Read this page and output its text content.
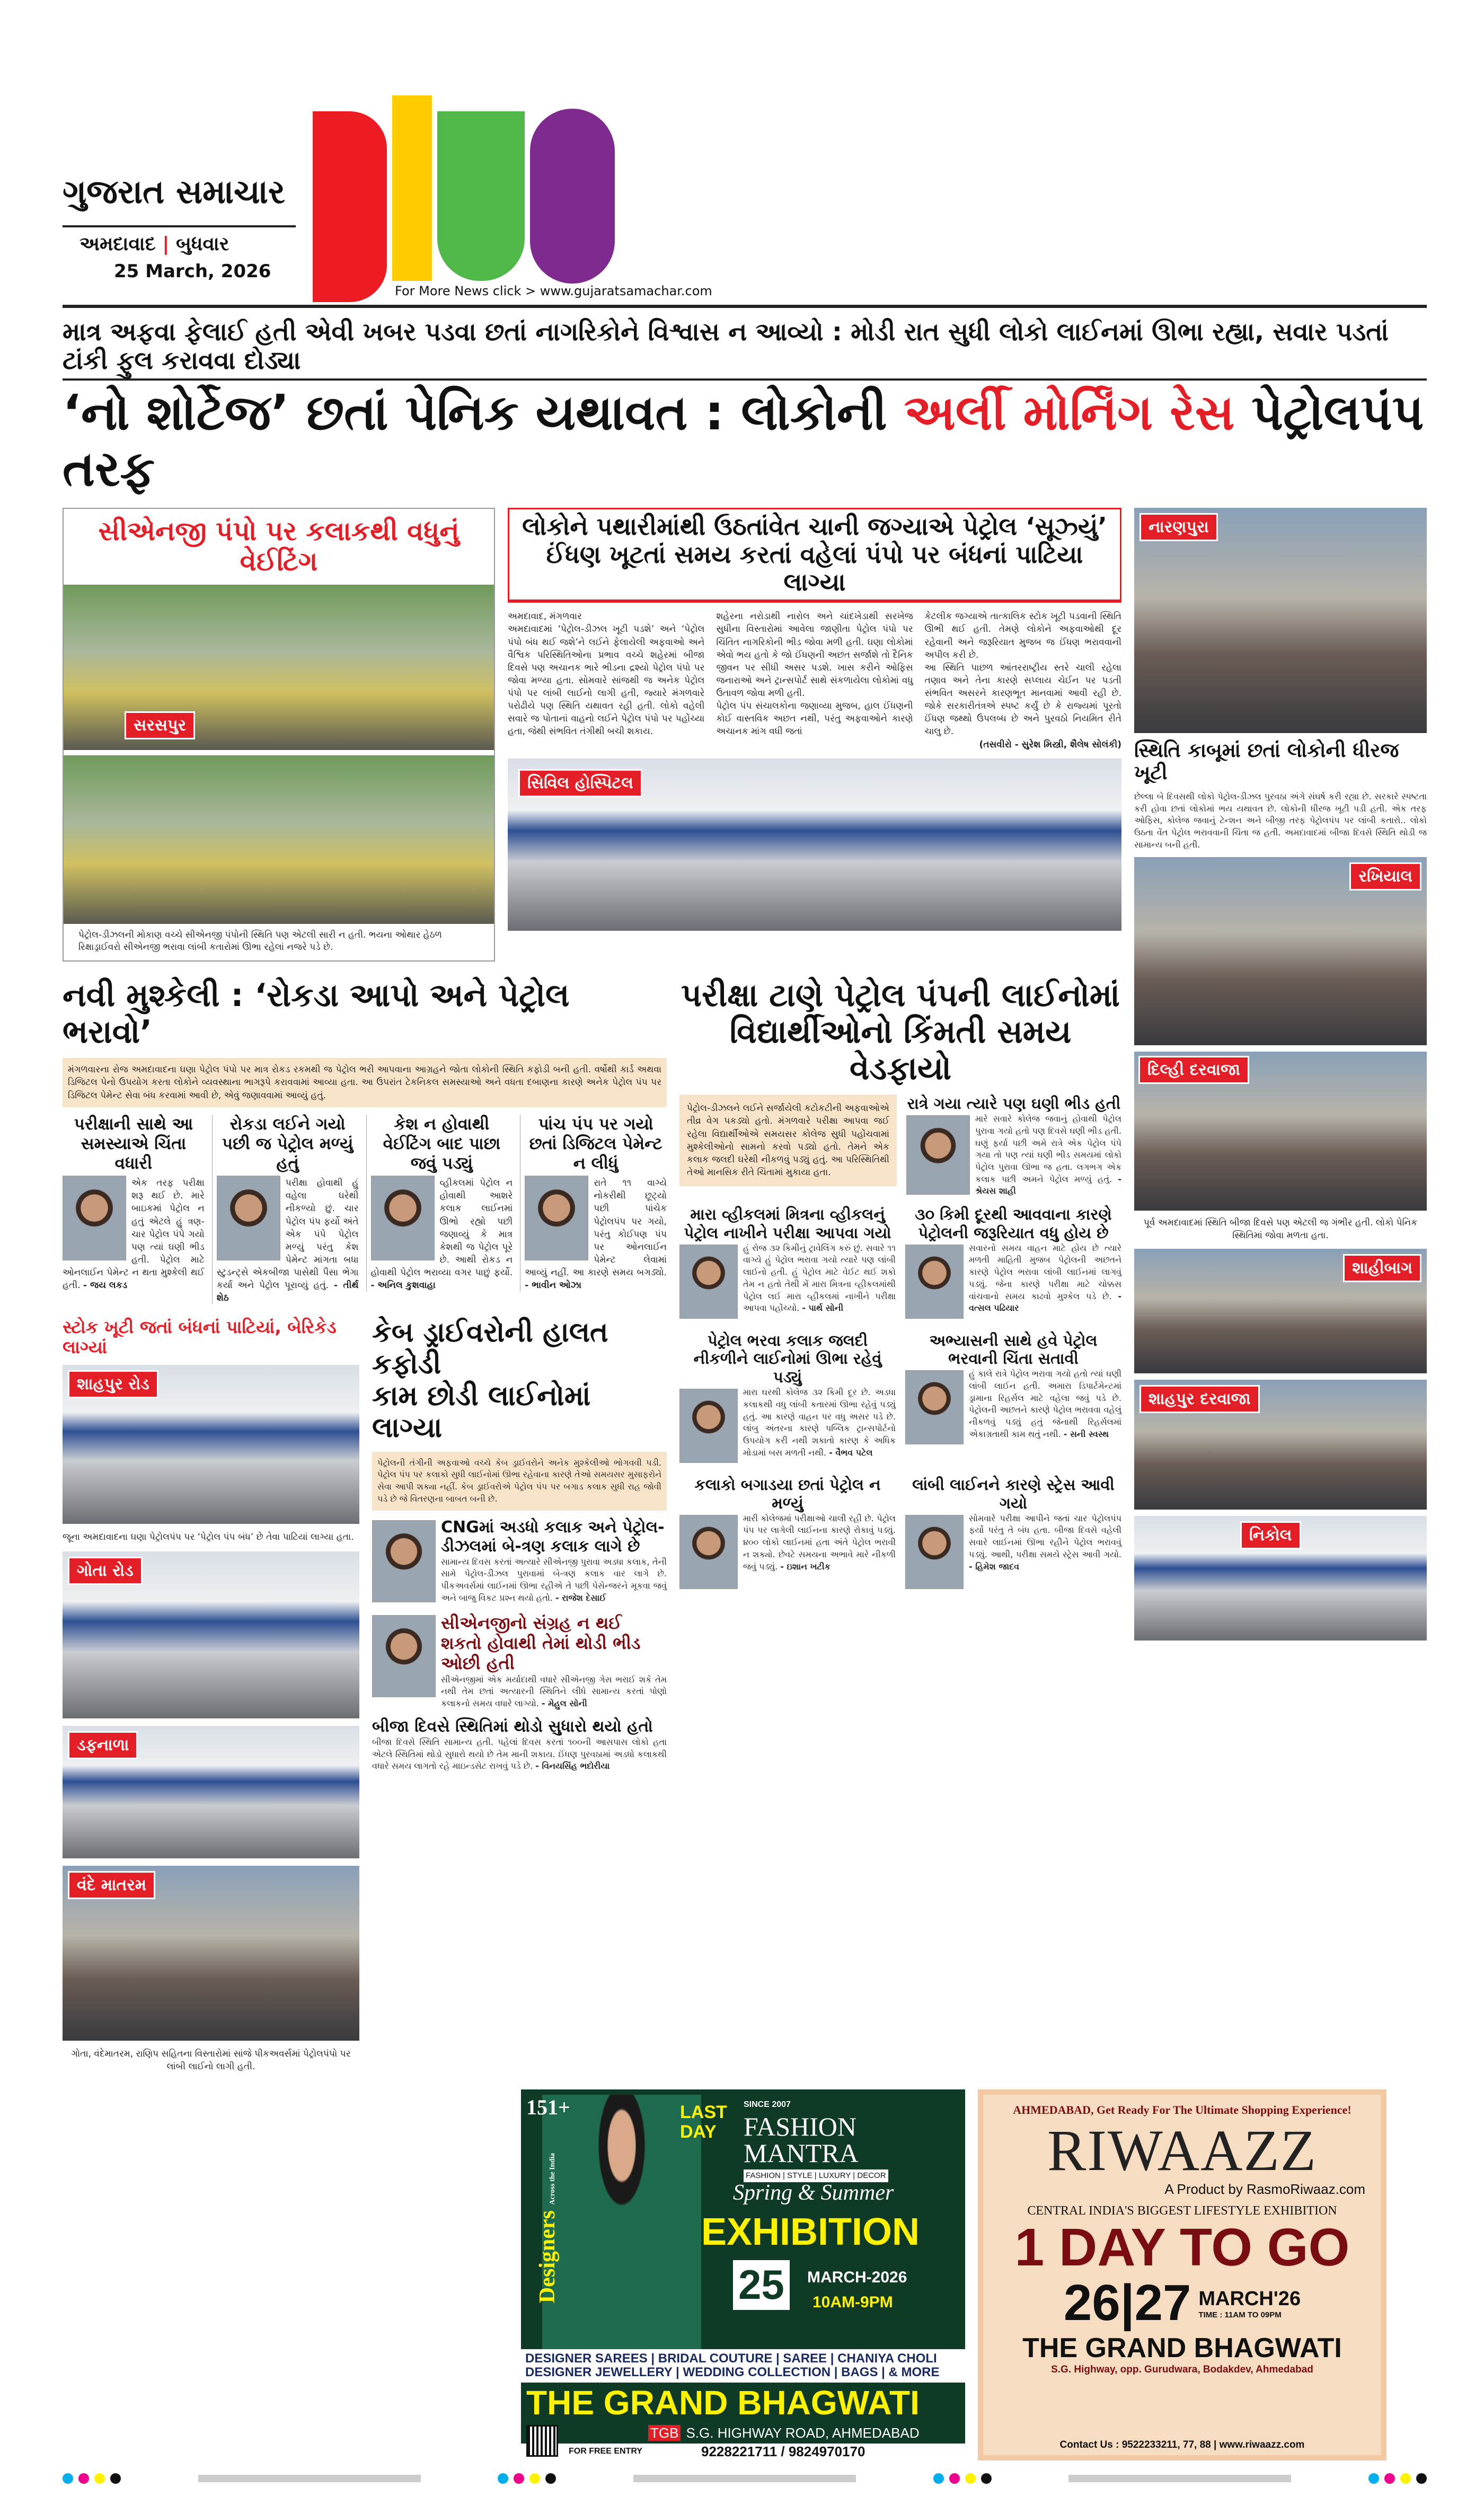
ગુજરાત સમાચાર
અમદાવાદ | બુધવાર
25 March, 2026
For More News click > www.gujaratsamachar.com
માત્ર અફવા ફેલાઈ હતી એવી ખબર પડવા છતાં નાગરિકોને વિશ્વાસ ન આવ્યો : મોડી રાત સુધી લોકો લાઈનમાં ઊભા રહ્યા, સવાર પડતાં ટાંકી ફુલ કરાવવા દોડ્યા
‘નો શોર્ટેજ’ છતાં પેનિક યથાવત : લોકોની અર્લી મોર્નિંગ રેસ પેટ્રોલપંપ તરફ
સીએનજી પંપો પર કલાકથી વધુનું વેઈટિંગ
સરસપુર
પેટ્રોલ-ડીઝલની મોકાણ વચ્ચે સીએનજી પંપોની સ્થિતિ પણ એટલી સારી ન હતી. ભયના ઓથાર હેઠળ રિક્ષાડ્રાઈવરો સીએનજી ભરાવા લાંબી કતારોમાં ઊભા રહેલાં નજરે પડે છે.
લોકોને પથારીમાંથી ઉઠતાંવેત ચાની જગ્યાએ પેટ્રોલ ‘સૂઝ્યું’
ઈંધણ ખૂટતાં સમય કરતાં વહેલાં પંપો પર બંધનાં પાટિયા લાગ્યા
અમદાવાદ, મંગળવાર
અમદાવાદમાં ‘પેટ્રોલ-ડીઝલ ખૂટી પડશે’ અને ‘પેટ્રોલ પંપો બંધ થઈ જશે’ને લઈને ફેલાયેલી અફવાઓ અને વૈશ્વિક પરિસ્થિતિઓના પ્રભાવ વચ્ચે શહેરમાં બીજા દિવસે પણ અચાનક ભારે ભીડના દ્રશ્યો પેટ્રોલ પંપો પર જોવા મળ્યા હતા. સોમવારે સાંજથી જ અનેક પેટ્રોલ પંપો પર લાંબી લાઈનો લાગી હતી, જ્યારે મંગળવારે પરોઢીયે પણ સ્થિતિ યથાવત રહી હતી. લોકો વહેલી સવારે જ પોતાનાં વાહનો લઈને પેટ્રોલ પંપો પર પહોંચ્યા હતા, જેથી સંભવિત તંગીથી બચી શકાય.
શહેરના નરોડાથી નારોલ અને ચાંદખેડાથી સરખેજ સુધીના વિસ્તારોમાં આવેલા જાણીતા પેટ્રોલ પંપો પર ચિંતિત નાગરિકોની ભીડ જોવા મળી હતી. ઘણા લોકોમાં એવો ભય હતો કે જો ઈંધણની અછત સર્જાશે તો દૈનિક જીવન પર સીધી અસર પડશે. ખાસ કરીને ઓફિસ જનારાઓ અને ટ્રાન્સપોર્ટ સાથે સંકળાયેલા લોકોમાં વધુ ઉતાવળ જોવા મળી હતી.
પેટ્રોલ પંપ સંચાલકોના જણાવ્યા મુજબ, હાલ ઈંધણની કોઈ વાસ્તવિક અછત નથી, પરંતુ અફવાઓને કારણે અચાનક માંગ વધી જતાં
કેટલીક જગ્યાએ તાત્કાલિક સ્ટોક ખૂટી પડવાની સ્થિતિ ઊભી થઈ હતી. તેમણે લોકોને અફવાઓથી દૂર રહેવાની અને જરૂરિયાત મુજબ જ ઈંધણ ભરાવવાની અપીલ કરી છે.
આ સ્થિતિ પાછળ આંતરરાષ્ટ્રીય સ્તરે ચાલી રહેલા તણાવ અને તેના કારણે સપ્લાય ચેઈન પર પડતી સંભવિત અસરને કારણભૂત માનવામાં આવી રહી છે. જોકે સરકારીતંત્રએ સ્પષ્ટ કર્યું છે કે રાજ્યમાં પૂરતો ઈંધણ જથ્થો ઉપલબ્ધ છે અને પુરવઠો નિયમિત રીતે ચાલુ છે.
(તસવીરો - સુરેશ મિસ્ત્રી, શૈલેષ સોલંકી)
સિવિલ હોસ્પિટલ
નવી મુશ્કેલી : ‘રોકડા આપો અને પેટ્રોલ ભરાવો’
મંગળવારના રોજ અમદાવાદના ઘણા પેટ્રોલ પંપો પર માત્ર રોકડ રકમથી જ પેટ્રોલ ભરી આપવાના આગ્રહને જોતા લોકોની સ્થિતિ કફોડી બની હતી. વર્ષોથી કાર્ડ અથવા ડિજિટલ પેનો ઉપયોગ કરતા લોકોને વ્યવસ્થાના ભાગરૂપે કરાવવામાં આવ્યા હતા. આ ઉપરાંત ટેકનિકલ સમસ્યાઓ અને વધતા દબાણના કારણે અનેક પેટ્રોલ પંપ પર ડિજિટલ પેમેન્ટ સેવા બંધ કરવામાં આવી છે, એવું જણાવવામાં આવ્યું હતું.
પરીક્ષાની સાથે આ સમસ્યાએ ચિંતા વધારી
એક તરફ પરીક્ષા શરૂ થઈ છે. મારે બાઇકમાં પેટ્રોલ ન હતું એટલે હું ત્રણ-ચાર પેટ્રોલ પંપે ગયો પણ ત્યાં ઘણી ભીડ હતી. પેટ્રોલ માટે ઓનલાઈન પેમેન્ટ ન થતા મુશ્કેલી થઈ હતી. - જય લકડ
રોકડા લઈને ગયો પછી જ પેટ્રોલ મળ્યું હતું
પરીક્ષા હોવાથી હું વહેલા ઘરેથી નીકળ્યો છું. ચાર પેટ્રોલ પંપ ફર્યો અંતે એક પંપે પેટ્રોલ મળ્યું પરંતુ કેશ પેમેન્ટ માંગતા બધા સ્ટુડન્ટ્સે એકબીજા પાસેથી પૈસા ભેગા કર્યા અને પેટ્રોલ પૂરાવ્યું હતું. - તીર્થ શેઠ
કેશ ન હોવાથી વેઈટિંગ બાદ પાછા જવું પડ્યું
વ્હીકલમાં પેટ્રોલ ન હોવાથી આશરે કલાક લાઈનમાં ઊભો રહ્યો પછી જણાવ્યું કે માત્ર કેશથી જ પેટ્રોલ પૂરે છે. આથી રોકડ ન હોવાથી પેટ્રોલ ભરાવ્યા વગર પાછું ફર્યો. - અનિલ કુશવાહા
પાંચ પંપ પર ગયો છતાં ડિજિટલ પેમેન્ટ ન લીધું
રાતે ૧૧ વાગ્યે નોકરીથી છૂટ્યો પછી પાંચેક પેટ્રોલપંપ પર ગયો, પરંતુ કોઈપણ પંપ પર ઓનલાઈન પેમેન્ટ લેવામાં આવ્યું નહીં. આ કારણે સમય બગડ્યો. - ભાવીન ઓઝા
સ્ટોક ખૂટી જતાં બંધનાં પાટિયાં, બેરિકેડ લાગ્યાં
શાહપુર રોડ
જૂના અમદાવાદના ઘણા પેટ્રોલપંપ પર ‘પેટ્રોલ પંપ બંધ’ છે તેવા પાટિયાં લાગ્યા હતા.
ગોતા રોડ
ડફનાળા
વંદે માતરમ
ગોતા, વંદેમાતરમ, રાણિપ સહિતના વિસ્તારોમાં સાંજે પીકઅવર્સમાં પેટ્રોલપંપો પર લાંબી લાઈનો લાગી હતી.
કેબ ડ્રાઈવરોની હાલત કફોડી
કામ છોડી લાઈનોમાં લાગ્યા
પેટ્રોલની તંગીની અફવાઓ વચ્ચે કેબ ડ્રાઈવરોને અનેક મુશ્કેલીઓ ભોગવવી પડી. પેટ્રોલ પંપ પર કલાકો સુધી લાઈનોમાં ઊભા રહેવાના કારણે તેઓ સમયસર મુસાફરોને સેવા આપી શક્યા નહીં. કેબ ડ્રાઈવરોએ પેટ્રોલ પંપ પર બગાડ કલાક સુધી રાહ જોવી પડે છે જે વિતરણના બાબત બની છે.
CNGમાં અડધો કલાક અને પેટ્રોલ-ડીઝલમાં બે-ત્રણ કલાક લાગે છે
સામાન્ય દિવસ કરતાં અત્યારે સીએનજી પુરાવા અડધા કલાક, તેની સામે પેટ્રોલ-ડીઝલ પુરાવામાં બે-ત્રણ કલાક વાર લાગે છે. પીકઅવર્સમાં લાઈનમાં ઊભા રહીએ તે પછી પેસેન્જરને મૂકવા જવું અને બાજુ વિકટ પ્રશ્ન થયો હતો. - રાજેશ દેસાઈ
સીએનજીનો સંગ્રહ ન થઈ શકતો હોવાથી તેમાં થોડી ભીડ ઓછી હતી
સીએનજીમાં એક મર્યાદાથી વધારે સીએનજી ગેસ ભરાઈ શકે તેમ નથી તેમ છતાં અત્યારની સ્થિતિને લીધે સામાન્ય કરતાં પોણો કલાકનો સમય વધારે લાગ્યો. - મેહુલ સોની
બીજા દિવસે સ્થિતિમાં થોડો સુધારો થયો હતો
બીજા દિવસે સ્થિતિ સામાન્ય હતી. પહેલાં દિવસ કરતાં ૧૦૦ની આસપાસ લોકો હતા એટલે સ્થિતિમાં થોડો સુધારો થયો છે તેમ માની શકાય. ઈંધણ પુરવઠામાં અડધો કલાકથી વધારે સમય લાગતો રહે માઇન્ડસેટ રાખવું પડે છે. - વિનયસિંહ ભદોરીયા
પરીક્ષા ટાણે પેટ્રોલ પંપની લાઈનોમાં
વિદ્યાર્થીઓનો કિંમતી સમય વેડફાયો
પેટ્રોલ-ડીઝલને લઈને સર્જાયેલી કટોકટીની અફવાઓએ તીવ્ર વેગ પકડ્યો હતો. મંગળવારે પરીક્ષા આપવા જઈ રહેલા વિદ્યાર્થીઓએ સમયસર કોલેજ સુધી પહોંચવામાં મુશ્કેલીઓનો સામનો કરવો પડ્યો હતો. તેમને એક કલાક જલદી ઘરેથી નીકળવું પડ્યું હતું. આ પરિસ્થિતિથી તેઓ માનસિક રીતે ચિંતામાં મુકાયા હતા.
રાત્રે ગયા ત્યારે પણ ઘણી ભીડ હતી
મારે સવારે કોલેજ જવાનું હોવાથી પેટ્રોલ પુરાવા ગયો હતો પણ દિવસે ઘણી ભીડ હતી. ઘણું ફર્યા પછી અમે રાત્રે એક પેટ્રોલ પંપે ગયા તો પણ ત્યાં ઘણી ભીડ સમયમાં લોકો પેટ્રોલ પુરાવા ઊભા જ હતા. લગભગ એક કલાક પછી અમને પેટ્રોલ મળ્યું હતું. - શ્રેયસ શાહી
મારા વ્હીકલમાં મિત્રના વ્હીકલનું પેટ્રોલ નાખીને પરીક્ષા આપવા ગયો
હું રોજ ૩૨ કિમીનું ટ્રાવેલિંગ કરું છું. સવારે ૧૧ વાગ્યે હું પેટ્રોલ ભરાવા ગયો ત્યારે પણ લાંબી લાઈનો હતી. હું પેટ્રોલ માટે વેઈટ થઈ શકો તેમ ન હતો તેથી મેં મારા મિત્રના વ્હીકલમાંથી પેટ્રોલ લઈ મારા વ્હીકલમાં નાખીને પરીક્ષા આપવા પહોંચ્યો. - પાર્થ સોની
૩૦ કિમી દૂરથી આવવાના કારણે પેટ્રોલની જરૂરિયાત વધુ હોય છે
સવારનો સમય વાહન માટે હોય છે ત્યારે મળતી માહિતી મુજબ પેટ્રોલની અછતને કારણે પેટ્રોલ ભરાવા લાંબી લાઈનમાં લાગવું પડ્યું. જેના કારણે પરીક્ષા માટે ચોક્કસ વાંચવાનો સમય કાઢવો મુશ્કેલ પડે છે. - વત્સલ પઢિયાર
પેટ્રોલ ભરવા કલાક જલદી નીકળીને લાઈનોમાં ઊભા રહેવું પડ્યું
મારા ઘરથી કોલેજ ૩૨ કિમી દૂર છે. અડધા કલાકથી વધુ લાંબી કતારમાં ઊભા રહેવું પડ્યું હતું. આ કારણે વાહન પર વધુ અસર પડે છે. લાંબુ અંતરના કારણે પબ્લિક ટ્રાન્સપોર્ટનો ઉપયોગ કરી નથી શકાતો કારણ કે અધિક મોડામાં બસ મળતી નથી. - વૈભવ પટેલ
અભ્યાસની સાથે હવે પેટ્રોલ ભરવાની ચિંતા સતાવી
હું કાલે રાત્રે પેટ્રોલ ભરાવા ગયો હતો ત્યાં ઘણી લાંબી લાઈન હતી. અમારા ડિપાર્ટમેન્ટમાં ડ્રામાના રિહર્સલ માટે વહેલા જવું પડે છે. પેટ્રોલની અછતને કારણે પેટ્રોલ ભરાવવા વહેલું નીકળવું પડ્યું હતું જેનાથી રિહર્સલમાં એકાગ્રતાથી કામ થતું નથી. - સની સ્વસ્થ
કલાકો બગાડયા છતાં પેટ્રોલ ન મળ્યું
મારી કોલેજમાં પરીક્ષાઓ ચાલી રહી છે. પેટ્રોલ પંપ પર લાગેલી લાઈનના કારણે રોકાવું પડ્યું. ૪૦૦ લોકો લાઈનમાં હતા અંતે પેટ્રોલ ભરાવી ન શક્યો. છેવટે સમયના અભાવે મારે નીકળી જવું પડ્યું. - ઇશાન ખટીક
લાંબી લાઈનને કારણે સ્ટ્રેસ આવી ગયો
સોમવારે પરીક્ષા આપીને જતાં ચાર પેટ્રોલપંપ ફર્યો પરંતુ તે બંધ હતા. બીજા દિવસે વહેલી સવારે લાઈનમાં ઊભા રહીને પેટ્રોલ ભરાવવું પડ્યું. આથી, પરીક્ષા સમયે સ્ટ્રેસ આવી ગયો. - હિમેશ જાદવ
નારણપુરા
સ્થિતિ કાબૂમાં છતાં લોકોની ધીરજ ખૂટી
છેલ્લા બે દિવસથી લોકો પેટ્રોલ-ડીઝલ પુરવઠા અંગે સંઘર્ષ કરી રહ્યા છે. સરકારે સ્પષ્ટતા કરી હોવા છતાં લોકોમાં ભય યથાવત છે. લોકોની ધીરજ ખૂટી પડી હતી. એક તરફ ઓફિસ, કોલેજ જવાનું ટેન્શન અને બીજી તરફ પેટ્રોલપંપ પર લાંબી કતારો.. લોકો ઉઠતા વેંત પેટ્રોલ ભરાવવાની ચિંતા જ હતી. અમદાવાદમાં બીજા દિવસે સ્થિતિ થોડી જ સામાન્ય બની હતી.
રખિયાલ
દિલ્હી દરવાજા
પૂર્વ અમદાવાદમાં સ્થિતિ બીજા દિવસે પણ એટલી જ ગંભીર હતી. લોકો પેનિક સ્થિતિમાં જોવા મળતા હતા.
શાહીબાગ
શાહપુર દરવાજા
નિકોલ
151+
Designers Across the India
LAST DAY
SINCE 2007
FASHION
MANTRA
FASHION | STYLE | LUXURY | DECOR
Spring & Summer
EXHIBITION
25	MARCH-2026
10AM-9PM
DESIGNER SAREES | BRIDAL COUTURE | SAREE | CHANIYA CHOLI
DESIGNER JEWELLERY | WEDDING COLLECTION | BAGS | & MORE
THE GRAND BHAGWATI
TGB S.G. HIGHWAY ROAD, AHMEDABAD
FOR FREE ENTRY	9228221711 / 9824970170
AHMEDABAD, Get Ready For The Ultimate Shopping Experience!
RIWAAZZ
A Product by RasmoRiwaaz.com
CENTRAL INDIA'S BIGGEST LIFESTYLE EXHIBITION
1 DAY TO GO
26|27 MARCH'26
TIME : 11AM TO 09PM
THE GRAND BHAGWATI
S.G. Highway, opp. Gurudwara, Bodakdev, Ahmedabad
Contact Us : 9522233211, 77, 88 | www.riwaazz.com
